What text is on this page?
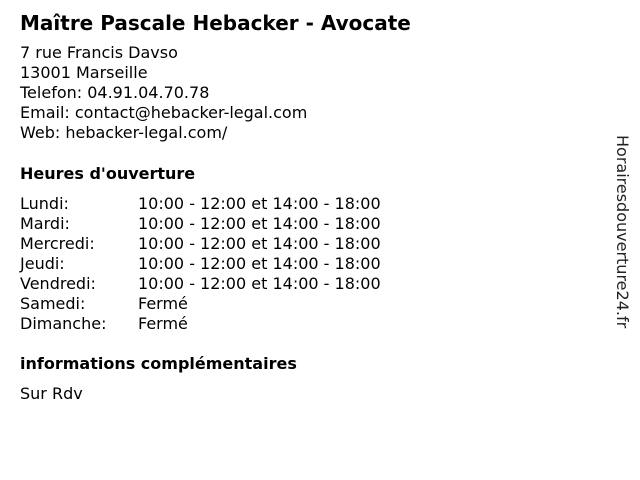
Maître Pascale Hebacker - Avocate
7 rue Francis Davso
13001 Marseille
Telefon: 04.91.04.70.78
Email: contact@hebacker-legal.com
Web: hebacker-legal.com/
Heures d'ouverture
Lundi:	10:00 - 12:00 et 14:00 - 18:00
Mardi:	10:00 - 12:00 et 14:00 - 18:00
Mercredi:	10:00 - 12:00 et 14:00 - 18:00
Jeudi:	10:00 - 12:00 et 14:00 - 18:00
Vendredi:	10:00 - 12:00 et 14:00 - 18:00
Samedi:	Fermé
Dimanche:	Fermé
informations complémentaires
Sur Rdv
Horairesdouverture24.fr
